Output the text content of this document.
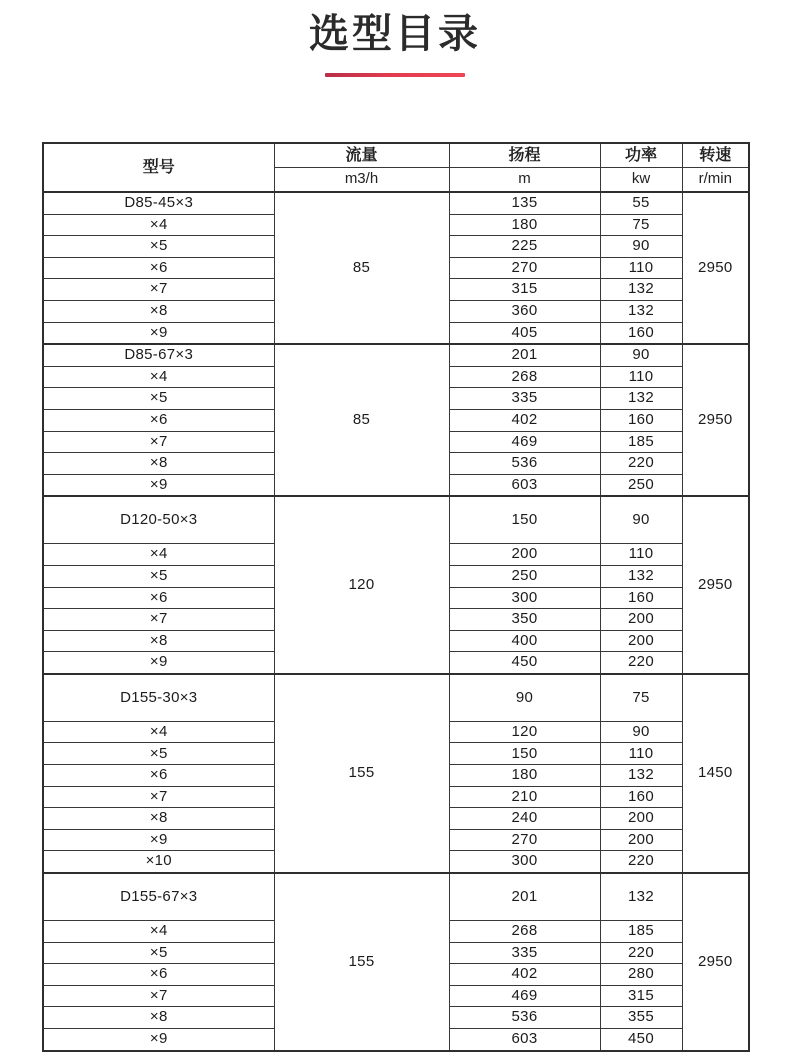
选型目录
型号	流量	扬程	功率	转速
	m3/h	m	kw	r/min
D85-45×3	85	135	55	2950
×4		180	75	
×5		225	90	
×6		270	110	
×7		315	132	
×8		360	132	
×9		405	160	
D85-67×3	85	201	90	2950
×4		268	110	
×5		335	132	
×6		402	160	
×7		469	185	
×8		536	220	
×9		603	250	
D120-50×3	120	150	90	2950
×4		200	110	
×5		250	132	
×6		300	160	
×7		350	200	
×8		400	200	
×9		450	220	
D155-30×3	155	90	75	1450
×4		120	90	
×5		150	110	
×6		180	132	
×7		210	160	
×8		240	200	
×9		270	200	
×10		300	220	
D155-67×3	155	201	132	2950
×4		268	185	
×5		335	220	
×6		402	280	
×7		469	315	
×8		536	355	
×9		603	450	
